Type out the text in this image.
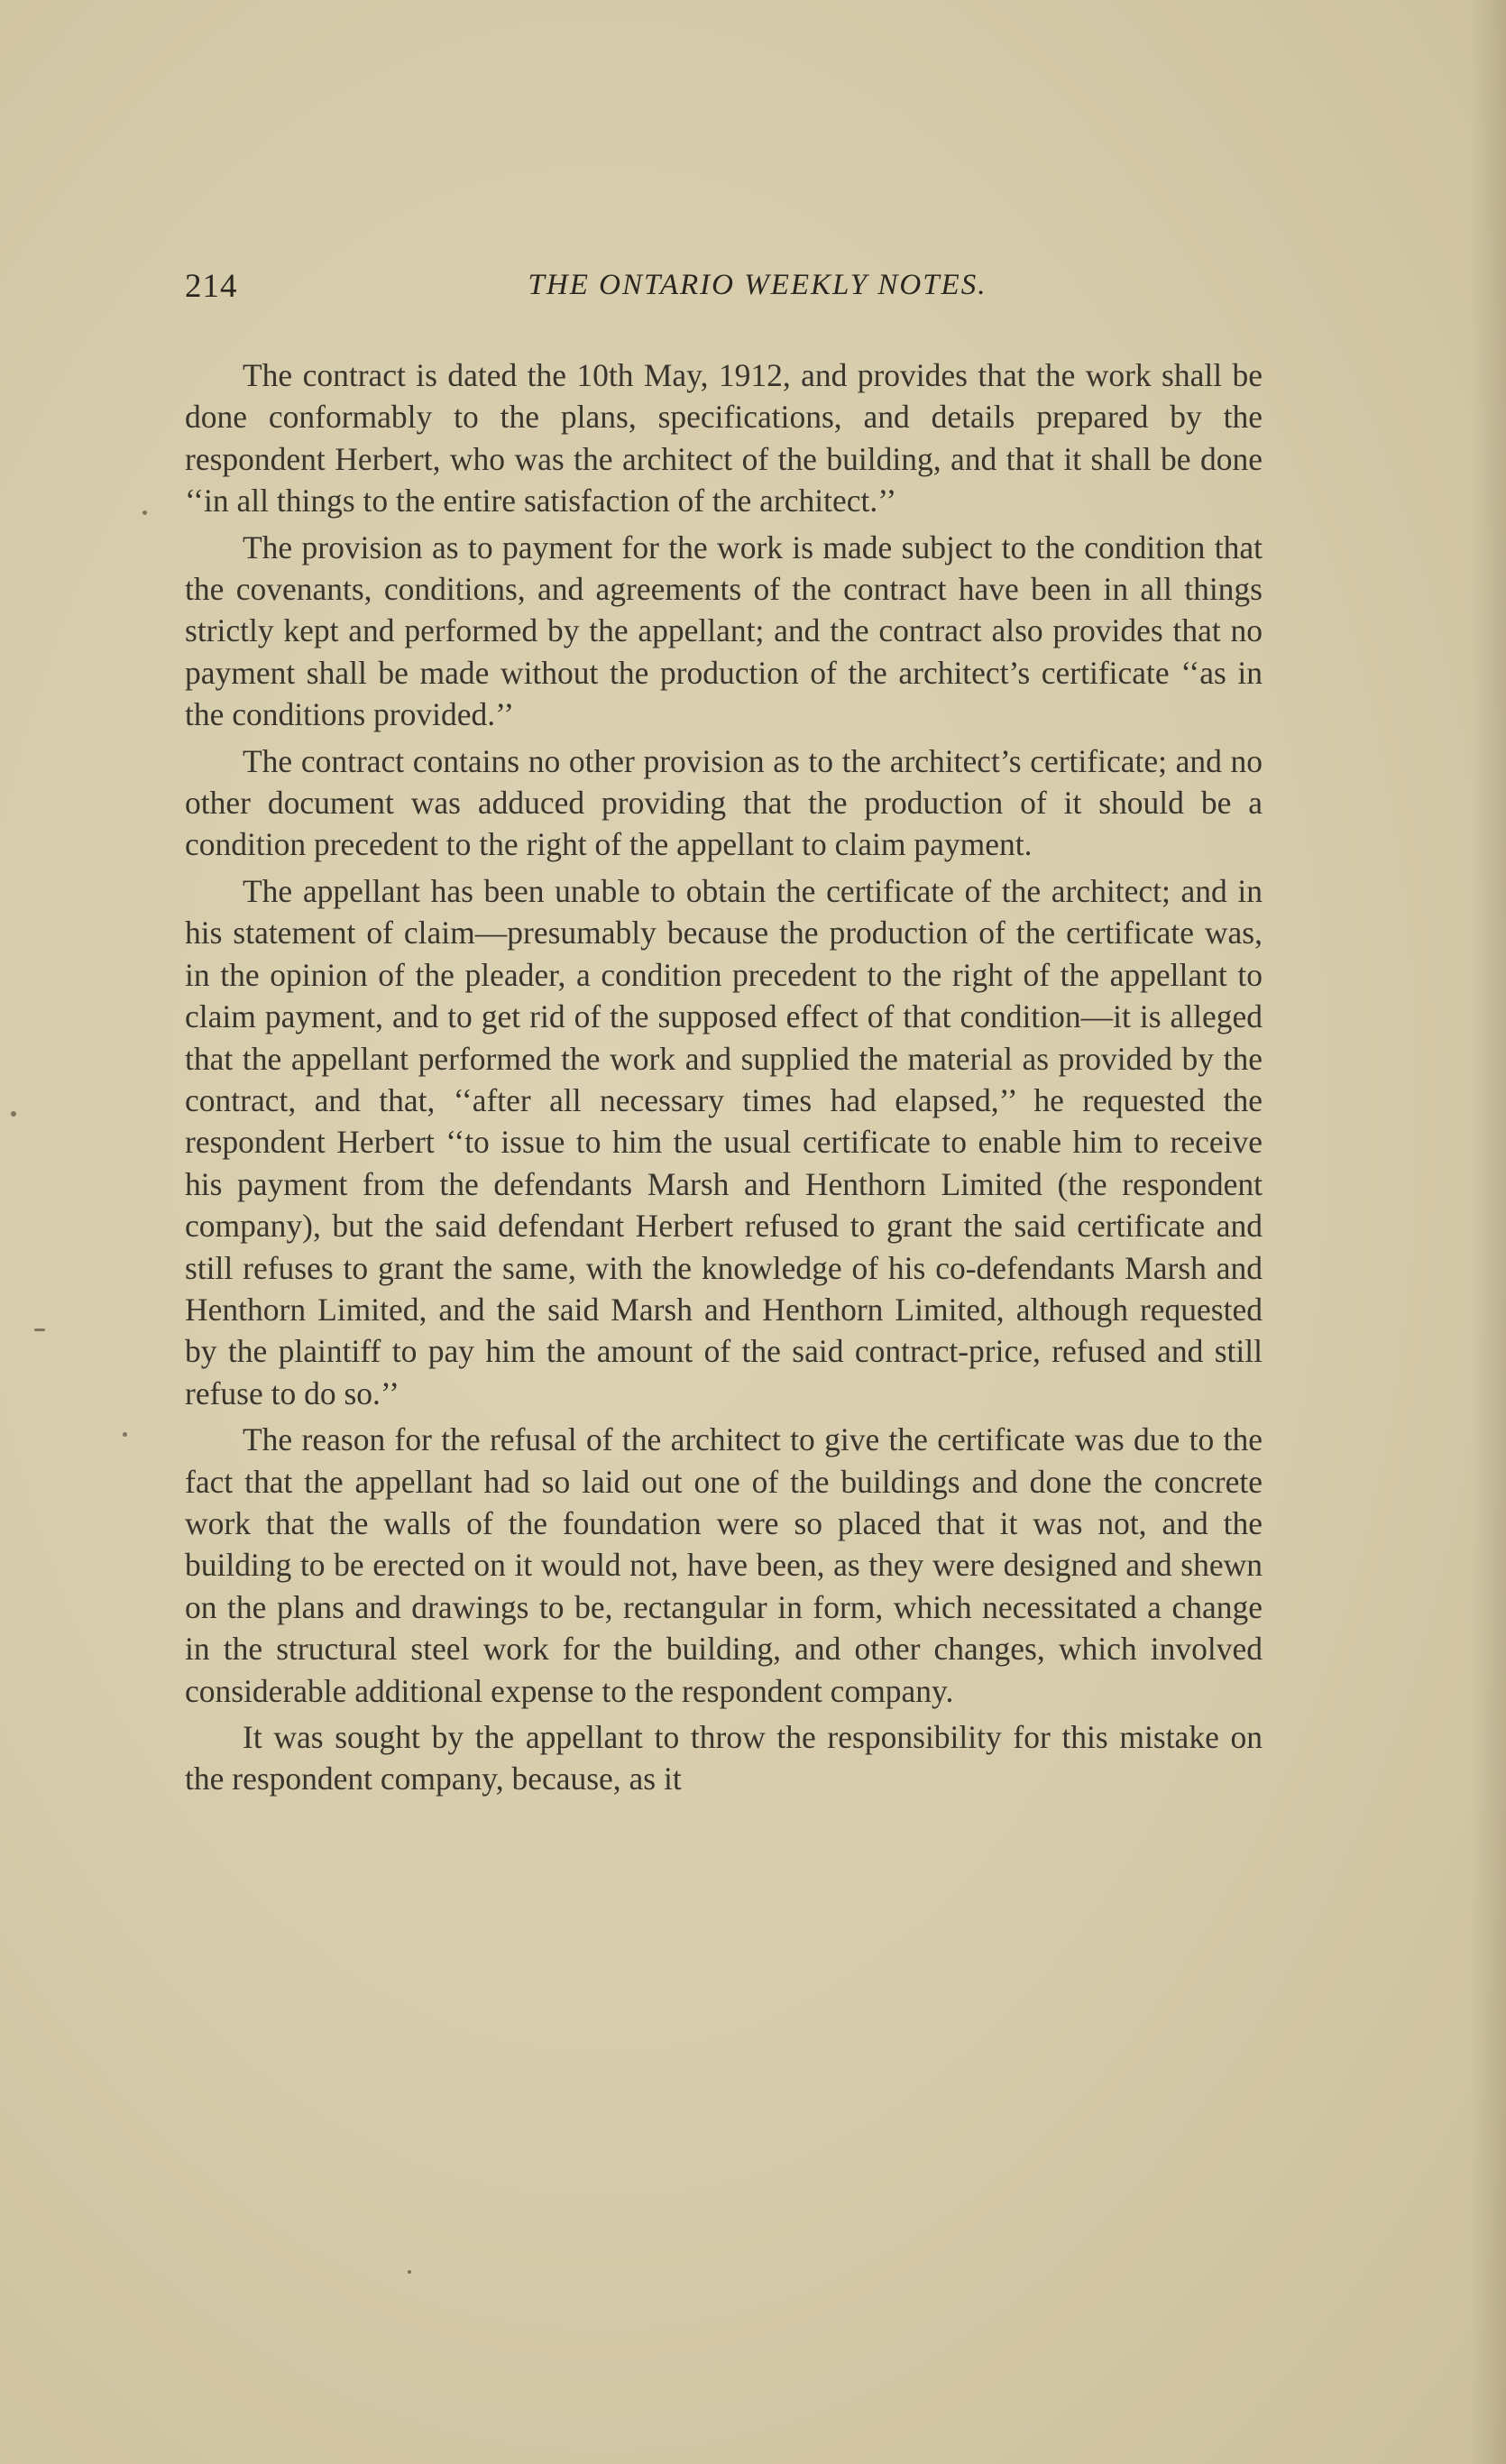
214	THE ONTARIO WEEKLY NOTES.

The contract is dated the 10th May, 1912, and provides that the work shall be done conformably to the plans, specifications, and details prepared by the respondent Herbert, who was the architect of the building, and that it shall be done ‘‘in all things to the entire satisfaction of the architect.’’

The provision as to payment for the work is made subject to the condition that the covenants, conditions, and agreements of the contract have been in all things strictly kept and performed by the appellant; and the contract also provides that no payment shall be made without the production of the architect’s certificate ‘‘as in the conditions provided.’’

The contract contains no other provision as to the architect’s certificate; and no other document was adduced providing that the production of it should be a condition precedent to the right of the appellant to claim payment.

The appellant has been unable to obtain the certificate of the architect; and in his statement of claim—presumably because the production of the certificate was, in the opinion of the pleader, a condition precedent to the right of the appellant to claim payment, and to get rid of the supposed effect of that condition—it is alleged that the appellant performed the work and supplied the material as provided by the contract, and that, ‘‘after all necessary times had elapsed,’’ he requested the respondent Herbert ‘‘to issue to him the usual certificate to enable him to receive his payment from the defendants Marsh and Henthorn Limited (the respondent company), but the said defendant Herbert refused to grant the said certificate and still refuses to grant the same, with the knowledge of his co-defendants Marsh and Henthorn Limited, and the said Marsh and Henthorn Limited, although requested by the plaintiff to pay him the amount of the said contract-price, refused and still refuse to do so.’’

The reason for the refusal of the architect to give the certificate was due to the fact that the appellant had so laid out one of the buildings and done the concrete work that the walls of the foundation were so placed that it was not, and the building to be erected on it would not, have been, as they were designed and shewn on the plans and drawings to be, rectangular in form, which necessitated a change in the structural steel work for the building, and other changes, which involved considerable additional expense to the respondent company.

It was sought by the appellant to throw the responsibility for this mistake on the respondent company, because, as it
